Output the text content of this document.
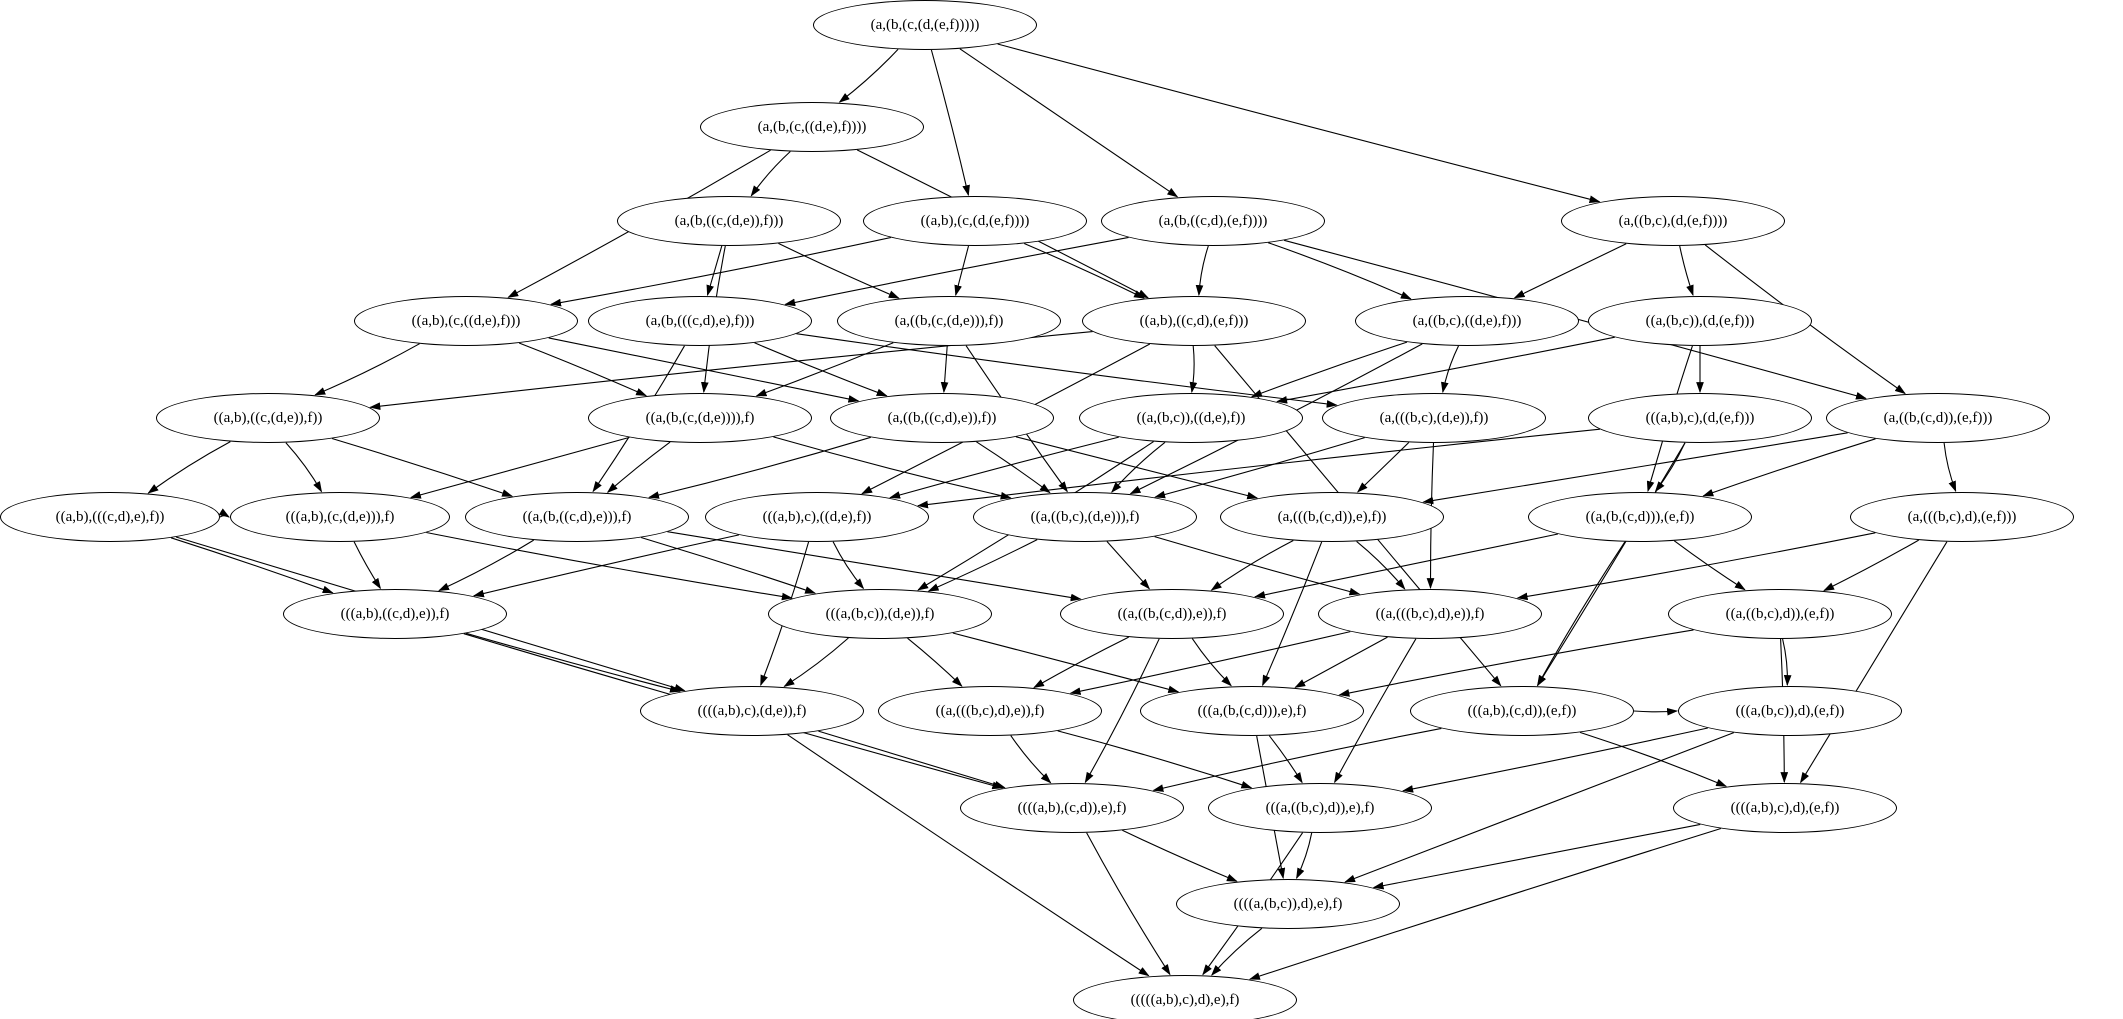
(a,(b,(c,(d,(e,f)))))
(a,(b,(c,((d,e),f))))
(a,(b,((c,(d,e)),f)))	((a,b),(c,(d,(e,f))))	(a,(b,((c,d),(e,f))))	(a,((b,c),(d,(e,f))))
((a,b),(c,((d,e),f)))	(a,(b,(((c,d),e),f)))	(a,((b,(c,(d,e))),f))	((a,b),((c,d),(e,f)))	(a,((b,c),((d,e),f)))	((a,(b,c)),(d,(e,f)))
((a,b),((c,(d,e)),f))	((a,(b,(c,(d,e)))),f)	(a,((b,((c,d),e)),f))	((a,(b,c)),((d,e),f))	(a,(((b,c),(d,e)),f))	(((a,b),c),(d,(e,f)))	(a,((b,(c,d)),(e,f)))
((a,b),(((c,d),e),f))	(((a,b),(c,(d,e))),f)	((a,(b,((c,d),e))),f)	(((a,b),c),((d,e),f))	((a,((b,c),(d,e))),f)	(a,(((b,(c,d)),e),f))	((a,(b,(c,d))),(e,f))	(a,(((b,c),d),(e,f)))
(((a,b),((c,d),e)),f)	(((a,(b,c)),(d,e)),f)	((a,((b,(c,d)),e)),f)	((a,(((b,c),d),e)),f)	((a,((b,c),d)),(e,f))
((((a,b),c),(d,e)),f)	((a,(((b,c),d),e)),f)	(((a,(b,(c,d))),e),f)	(((a,b),(c,d)),(e,f))	(((a,(b,c)),d),(e,f))
((((a,b),(c,d)),e),f)	(((a,((b,c),d)),e),f)	((((a,b),c),d),(e,f))
((((a,(b,c)),d),e),f)
(((((a,b),c),d),e),f)
